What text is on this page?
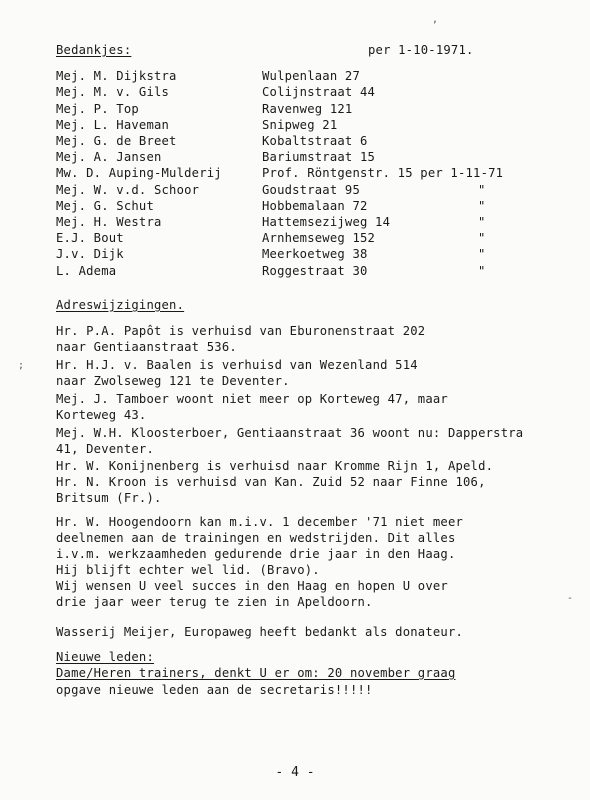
Bedankjes:	per 1-10-1971.
Mej. M. Dijkstra	Wulpenlaan 27
Mej. M. v. Gils	Colijnstraat 44
Mej. P. Top	Ravenweg 121
Mej. L. Haveman	Snipweg 21
Mej. G. de Breet	Kobaltstraat 6
Mej. A. Jansen	Bariumstraat 15
Mw. D. Auping-Mulderij	Prof. Röntgenstr. 15 per 1-11-71
Mej. W. v.d. Schoor	Goudstraat 95	"
Mej. G. Schut	Hobbemalaan 72	"
Mej. H. Westra	Hattemsezijweg 14	"
E.J. Bout	Arnhemseweg 152	"
J.v. Dijk	Meerkoetweg 38	"
L. Adema	Roggestraat 30	"
Adreswijzigingen.
Hr. P.A. Papôt is verhuisd van Eburonenstraat 202
naar Gentiaanstraat 536.
Hr. H.J. v. Baalen is verhuisd van Wezenland 514
naar Zwolseweg 121 te Deventer.
Mej. J. Tamboer woont niet meer op Korteweg 47, maar
Korteweg 43.
Mej. W.H. Kloosterboer, Gentiaanstraat 36 woont nu: Dapperstra
41, Deventer.
Hr. W. Konijnenberg is verhuisd naar Kromme Rijn 1, Apeld.
Hr. N. Kroon is verhuisd van Kan. Zuid 52 naar Finne 106,
Britsum (Fr.).
Hr. W. Hoogendoorn kan m.i.v. 1 december '71 niet meer
deelnemen aan de trainingen en wedstrijden. Dit alles
i.v.m. werkzaamheden gedurende drie jaar in den Haag.
Hij blijft echter wel lid. (Bravo).
Wij wensen U veel succes in den Haag en hopen U over
drie jaar weer terug te zien in Apeldoorn.
Wasserij Meijer, Europaweg heeft bedankt als donateur.
Nieuwe leden:
Dame/Heren trainers, denkt U er om: 20 november graag
opgave nieuwe leden aan de secretaris!!!!!
- 4 -
,
;
-
